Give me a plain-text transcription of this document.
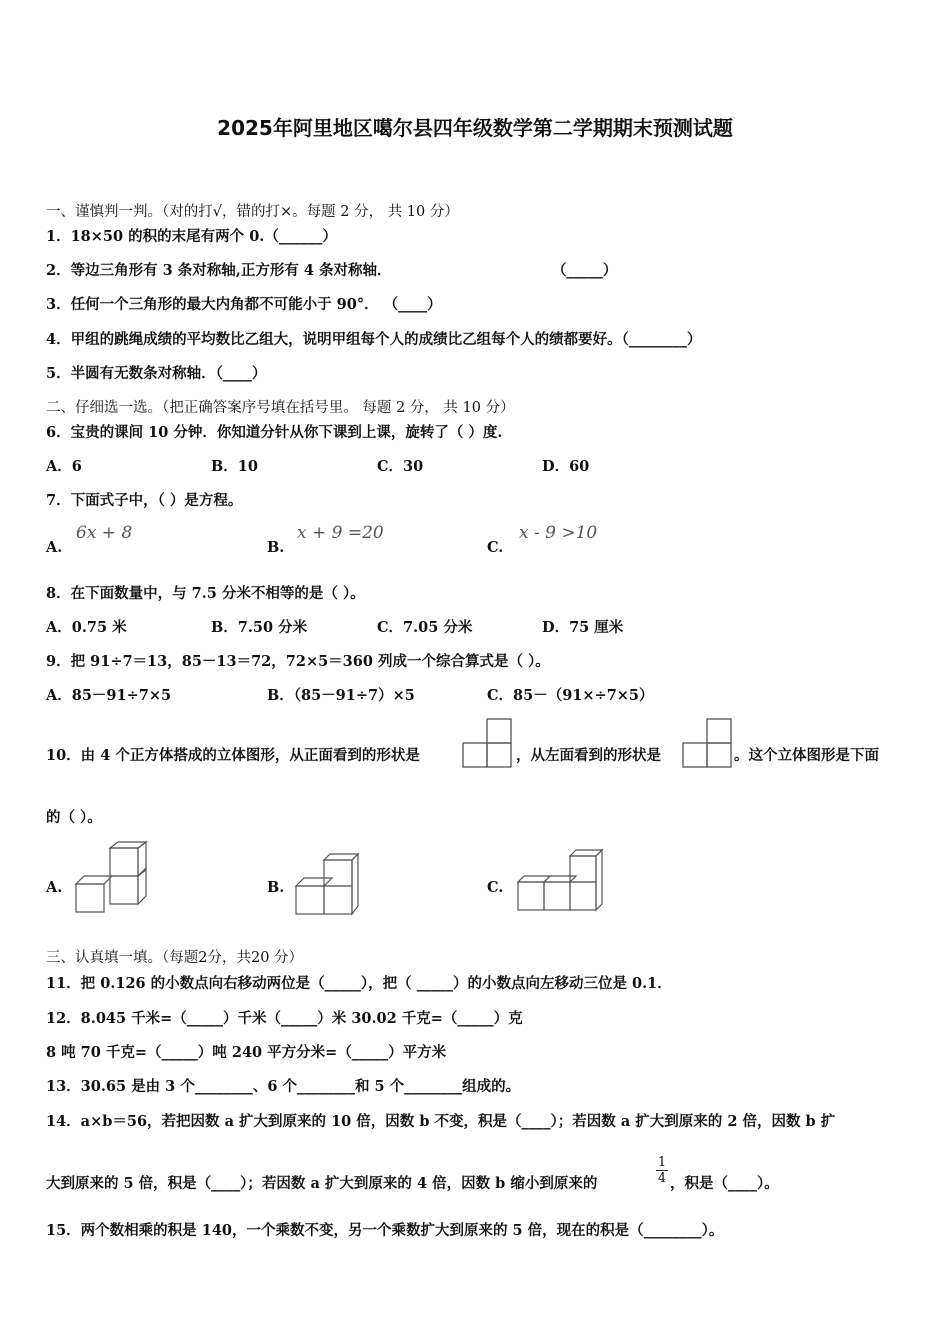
2025年阿里地区噶尔县四年级数学第二学期期末预测试题
一、谨慎判一判。（对的打√，错的打×。每题 2 分， 共 10 分）
1．18×50 的积的末尾有两个 0.（______）
2．等边三角形有 3 条对称轴,正方形有 4 条对称轴．	（_____）
3．任何一个三角形的最大内角都不可能小于 90°． （____）
4．甲组的跳绳成绩的平均数比乙组大，说明甲组每个人的成绩比乙组每个人的绩都要好。（________）
5．半圆有无数条对称轴．（____）
二、仔细选一选。（把正确答案序号填在括号里。 每题 2 分， 共 10 分）
6．宝贵的课间 10 分钟．你知道分针从你下课到上课，旋转了（ ）度.
A．6	B．10	C．30	D．60
7．下面式子中，（ ）是方程。
A.
6x + 8
B.
x + 9 =20
C.
x - 9 >10
8．在下面数量中，与 7.5 分米不相等的是（ ）。
A．0.75 米	B．7.50 分米	C．7.05 分米	D．75 厘米
9．把 91÷7＝13，85－13＝72，72×5＝360 列成一个综合算式是（ ）。
A．85－91÷7×5	B．（85－91÷7）×5	C．85－（91×÷7×5）
10．由 4 个正方体搭成的立体图形，从正面看到的形状是	，从左面看到的形状是	。这个立体图形是下面
的（ ）。
A.	B.	C.
三、认真填一填。（每题2分，共20 分）
11．把 0.126 的小数点向右移动两位是（_____），把（ _____）的小数点向左移动三位是 0.1．
12．8.045 千米=（_____）千米（_____）米 30.02 千克=（_____）克
8 吨 70 千克=（_____）吨 240 平方分米=（_____）平方米
13．30.65 是由 3 个________、6 个________和 5 个________组成的。
14．a×b＝56，若把因数 a 扩大到原来的 10 倍，因数 b 不变，积是（____）；若因数 a 扩大到原来的 2 倍，因数 b 扩
大到原来的 5 倍，积是（____）；若因数 a 扩大到原来的 4 倍，因数 b 缩小到原来的
1
4 ，积是（____）。
15．两个数相乘的积是 140，一个乘数不变，另一个乘数扩大到原来的 5 倍，现在的积是（________）。
